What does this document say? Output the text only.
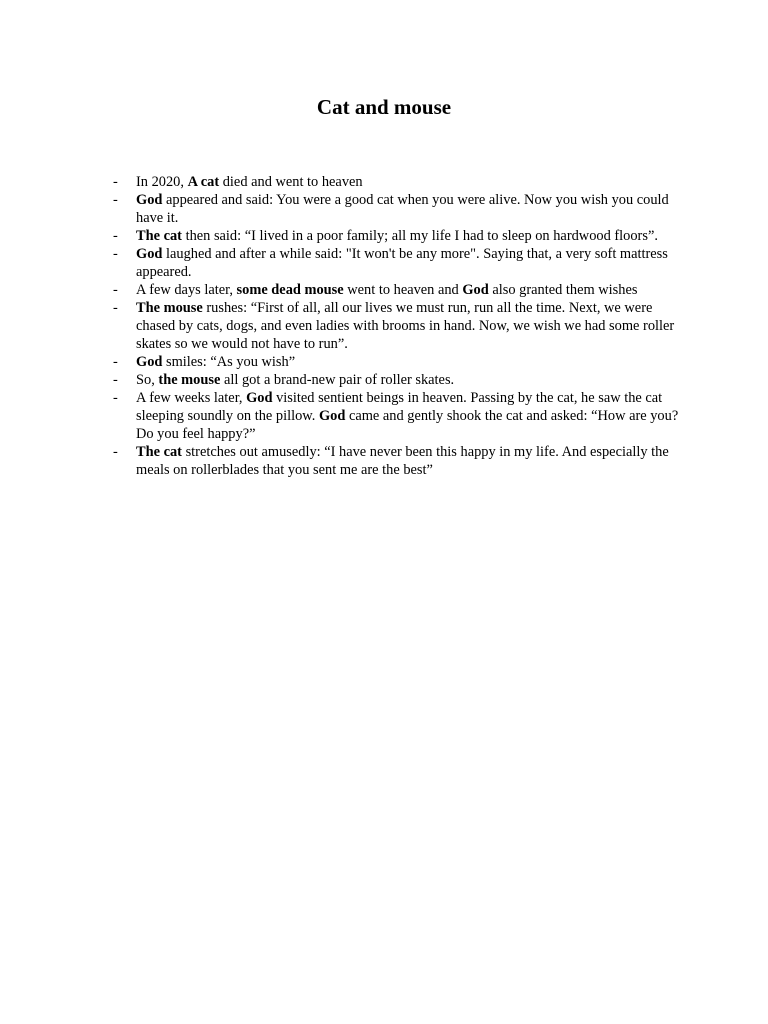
Cat and mouse
- In 2020, A cat died and went to heaven
- God appeared and said: You were a good cat when you were alive. Now you wish you could have it.
- The cat then said: “I lived in a poor family; all my life I had to sleep on hardwood floors”.
- God laughed and after a while said: "It won't be any more". Saying that, a very soft mattress appeared.
- A few days later, some dead mouse went to heaven and God also granted them wishes
- The mouse rushes: “First of all, all our lives we must run, run all the time. Next, we were chased by cats, dogs, and even ladies with brooms in hand. Now, we wish we had some roller skates so we would not have to run”.
- God smiles: “As you wish”
- So, the mouse all got a brand-new pair of roller skates.
- A few weeks later, God visited sentient beings in heaven. Passing by the cat, he saw the cat sleeping soundly on the pillow. God came and gently shook the cat and asked: “How are you? Do you feel happy?”
- The cat stretches out amusedly: “I have never been this happy in my life. And especially the meals on rollerblades that you sent me are the best”
